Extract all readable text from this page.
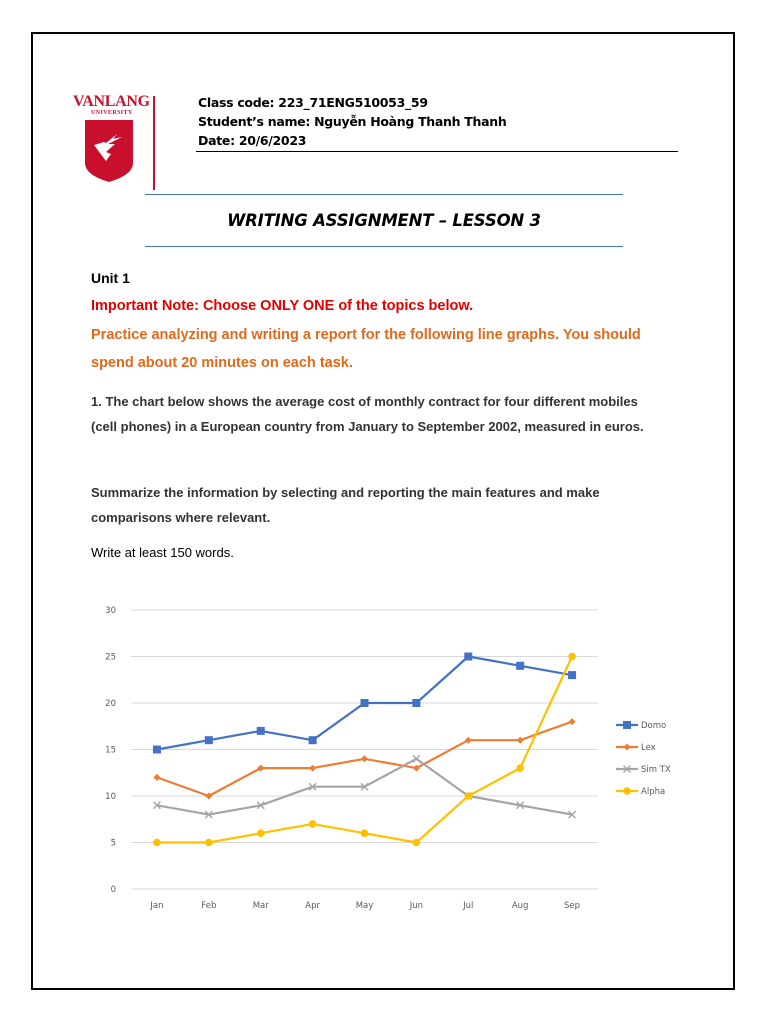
VANLANG
UNIVERSITY
Class code: 223_71ENG510053_59
Student’s name: Nguyễn Hoàng Thanh Thanh
Date: 20/6/2023
WRITING ASSIGNMENT – LESSON 3
Unit 1
Important Note: Choose ONLY ONE of the topics below.
Practice analyzing and writing a report for the following line graphs. You should spend about 20 minutes on each task.
1. The chart below shows the average cost of monthly contract for four different mobiles (cell phones) in a European country from January to September 2002, measured in euros.
Summarize the information by selecting and reporting the main features and make comparisons where relevant.
Write at least 150 words.
0
5
10
15
20
25
30
Jan	Feb	Mar	Apr	May	Jun	Jul	Aug	Sep
Domo
Lex
Sim TX
Alpha
